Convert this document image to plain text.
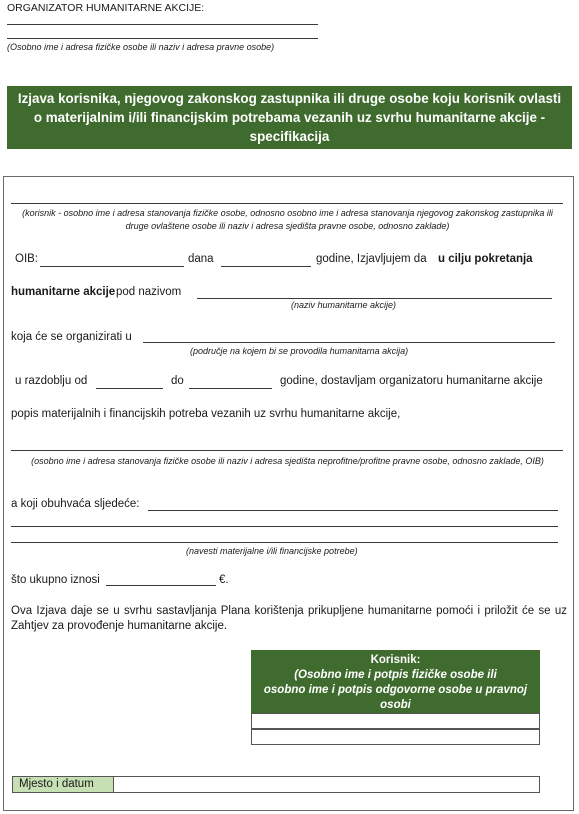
ORGANIZATOR HUMANITARNE AKCIJE:
(Osobno ime i adresa fizičke osobe ili naziv i adresa pravne osobe)
Izjava korisnika, njegovog zakonskog zastupnika ili druge osobe koju korisnik ovlasti o materijalnim i/ili financijskim potrebama vezanih uz svrhu humanitarne akcije - specifikacija
(korisnik - osobno ime i adresa stanovanja fizičke osobe, odnosno osobno ime i adresa stanovanja njegovog zakonskog zastupnika ili druge ovlaštene osobe ili naziv i adresa sjedišta pravne osobe, odnosno zaklade)
OIB:	dana	godine, Izjavljujem da u cilju pokretanja
humanitarne akcije pod nazivom
(naziv humanitarne akcije)
koja će se organizirati u
(područje na kojem bi se provodila humanitarna akcija)
u razdoblju od	do	godine, dostavljam organizatoru humanitarne akcije
popis materijalnih i financijskih potreba vezanih uz svrhu humanitarne akcije,
(osobno ime i adresa stanovanja fizičke osobe ili naziv i adresa sjedišta neprofitne/profitne pravne osobe, odnosno zaklade, OIB)
a koji obuhvaća sljedeće:
(navesti materijalne i/ili financijske potrebe)
što ukupno iznosi	€.
Ova Izjava daje se u svrhu sastavljanja Plana korištenja prikupljene humanitarne pomoći i priložit će se uz Zahtjev za provođenje humanitarne akcije.
Korisnik:
(Osobno ime i potpis fizičke osobe ili
osobno ime i potpis odgovorne osobe u pravnoj osobi
ili zakladi, te pečat)
Mjesto i datum
